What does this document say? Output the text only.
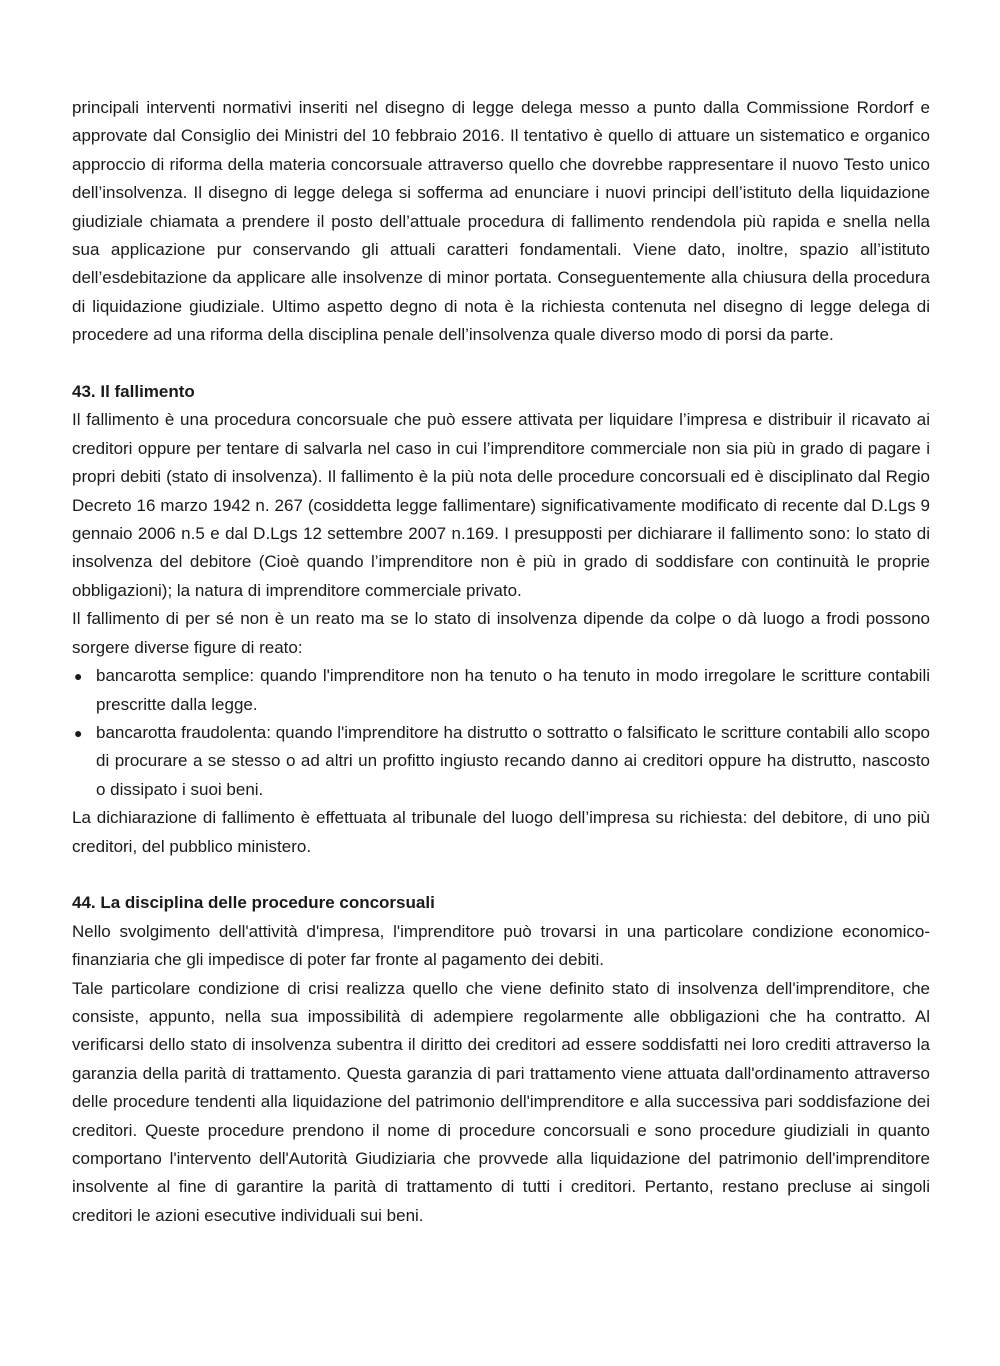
principali interventi normativi inseriti nel disegno di legge delega messo a punto dalla Commissione Rordorf e approvate dal Consiglio dei Ministri del 10 febbraio 2016. Il tentativo è quello di attuare un sistematico e organico approccio di riforma della materia concorsuale attraverso quello che dovrebbe rappresentare il nuovo Testo unico dell’insolvenza. Il disegno di legge delega si sofferma ad enunciare i nuovi principi dell’istituto della liquidazione giudiziale chiamata a prendere il posto dell’attuale procedura di fallimento rendendola più rapida e snella nella sua applicazione pur conservando gli attuali caratteri fondamentali. Viene dato, inoltre, spazio all’istituto dell’esdebitazione da applicare alle insolvenze di minor portata. Conseguentemente alla chiusura della procedura di liquidazione giudiziale. Ultimo aspetto degno di nota è la richiesta contenuta nel disegno di legge delega di procedere ad una riforma della disciplina penale dell’insolvenza quale diverso modo di porsi da parte.

43. Il fallimento

Il fallimento è una procedura concorsuale che può essere attivata per liquidare l’impresa e distribuir il ricavato ai creditori oppure per tentare di salvarla nel caso in cui l’imprenditore commerciale non sia più in grado di pagare i propri debiti (stato di insolvenza). Il fallimento è la più nota delle procedure concorsuali ed è disciplinato dal Regio Decreto 16 marzo 1942 n. 267 (cosiddetta legge fallimentare) significativamente modificato di recente dal D.Lgs 9 gennaio 2006 n.5 e dal D.Lgs 12 settembre 2007 n.169. I presupposti per dichiarare il fallimento sono: lo stato di insolvenza del debitore (Cioè quando l’imprenditore non è più in grado di soddisfare con continuità le proprie obbligazioni); la natura di imprenditore commerciale privato.

Il fallimento di per sé non è un reato ma se lo stato di insolvenza dipende da colpe o dà luogo a frodi possono sorgere diverse figure di reato:

● bancarotta semplice: quando l'imprenditore non ha tenuto o ha tenuto in modo irregolare le scritture contabili prescritte dalla legge.
● bancarotta fraudolenta: quando l'imprenditore ha distrutto o sottratto o falsificato le scritture contabili allo scopo di procurare a se stesso o ad altri un profitto ingiusto recando danno ai creditori oppure ha distrutto, nascosto o dissipato i suoi beni.

La dichiarazione di fallimento è effettuata al tribunale del luogo dell’impresa su richiesta: del debitore, di uno più creditori, del pubblico ministero.

44. La disciplina delle procedure concorsuali

Nello svolgimento dell'attività d'impresa, l'imprenditore può trovarsi in una particolare condizione economico-finanziaria che gli impedisce di poter far fronte al pagamento dei debiti.

Tale particolare condizione di crisi realizza quello che viene definito stato di insolvenza dell'imprenditore, che consiste, appunto, nella sua impossibilità di adempiere regolarmente alle obbligazioni che ha contratto. Al verificarsi dello stato di insolvenza subentra il diritto dei creditori ad essere soddisfatti nei loro crediti attraverso la garanzia della parità di trattamento. Questa garanzia di pari trattamento viene attuata dall'ordinamento attraverso delle procedure tendenti alla liquidazione del patrimonio dell'imprenditore e alla successiva pari soddisfazione dei creditori. Queste procedure prendono il nome di procedure concorsuali e sono procedure giudiziali in quanto comportano l'intervento dell'Autorità Giudiziaria che provvede alla liquidazione del patrimonio dell'imprenditore insolvente al fine di garantire la parità di trattamento di tutti i creditori. Pertanto, restano precluse ai singoli creditori le azioni esecutive individuali sui beni.
